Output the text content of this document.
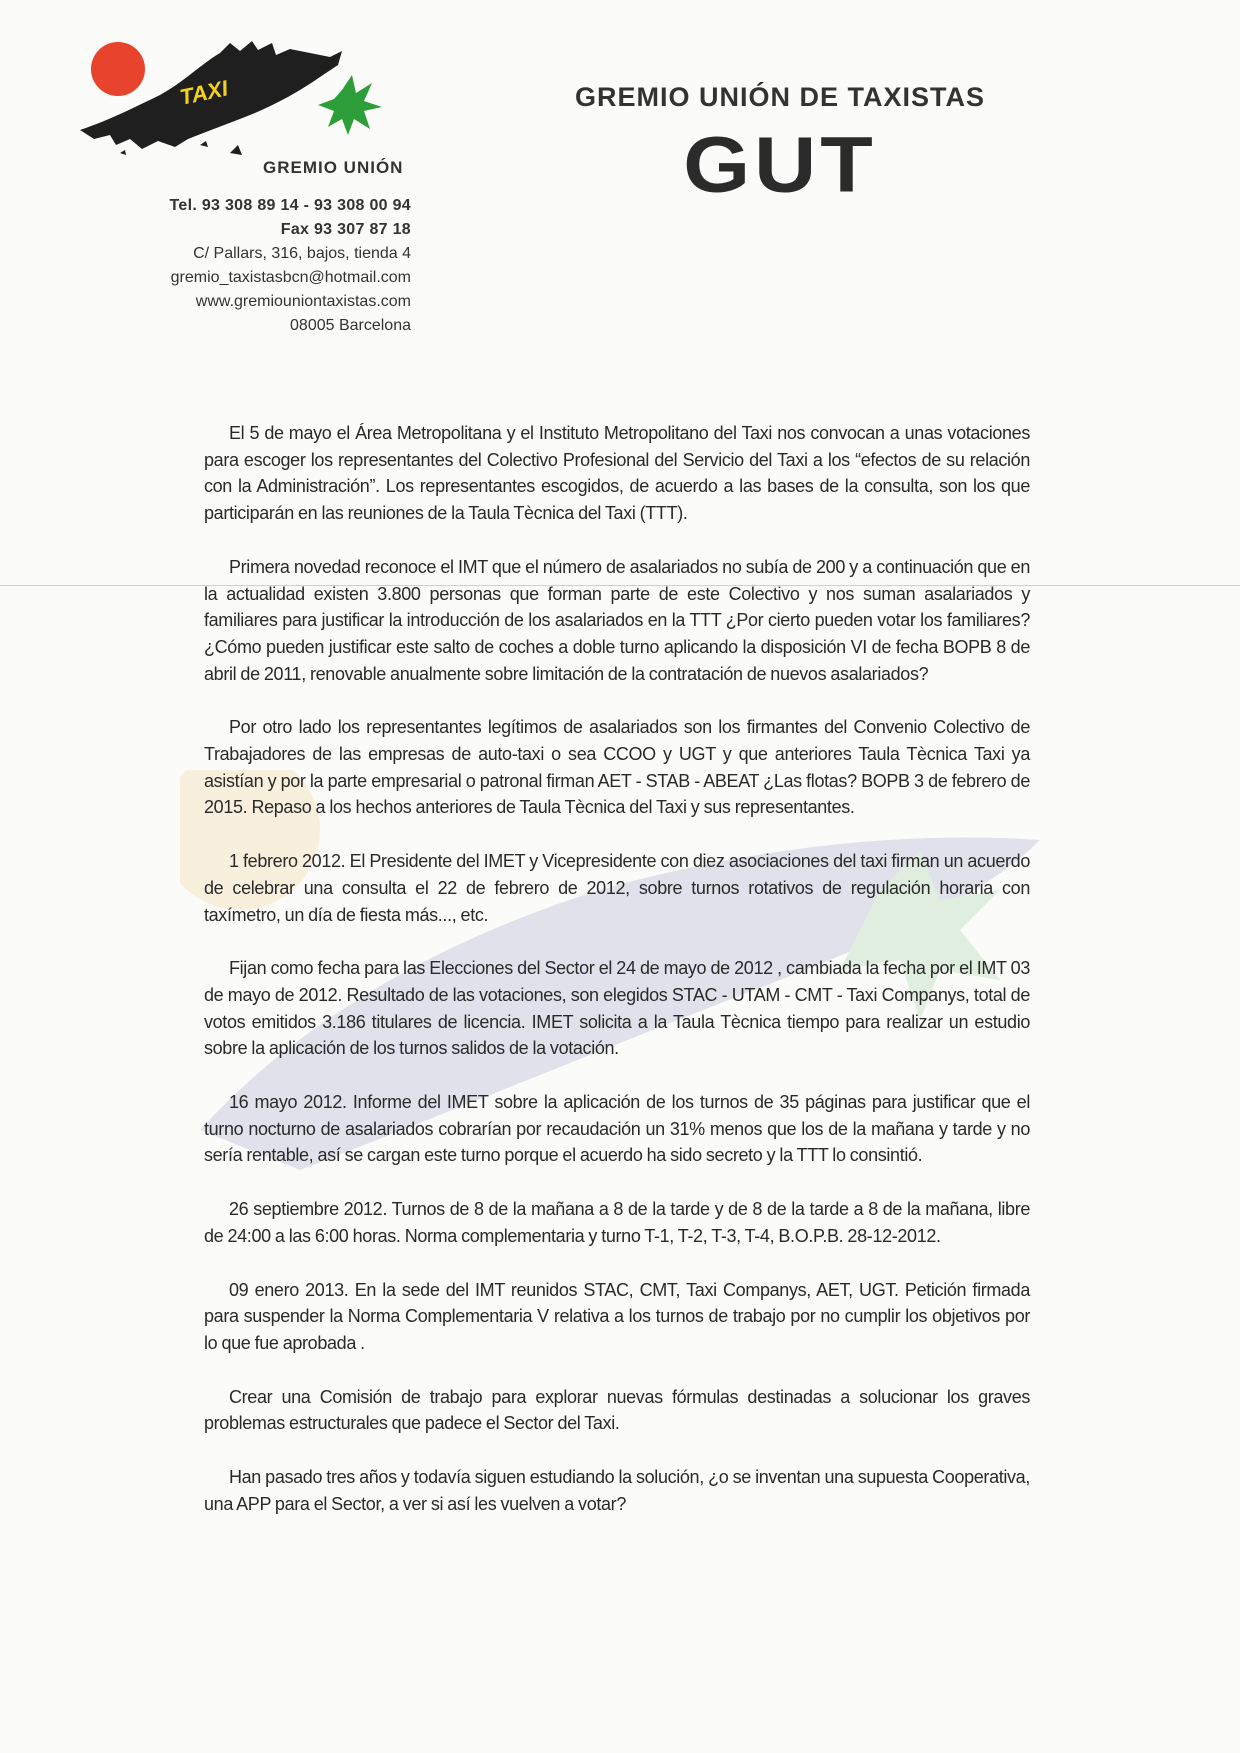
TAXI
GREMIO UNIÓN
Tel. 93 308 89 14 - 93 308 00 94
Fax 93 307 87 18
C/ Pallars, 316, bajos, tienda 4
gremio_taxistasbcn@hotmail.com
www.gremiouniontaxistas.com
08005 Barcelona
GREMIO UNIÓN DE TAXISTAS
GUT

El 5 de mayo el Área Metropolitana y el Instituto Metropolitano del Taxi nos convocan a unas votaciones para escoger los representantes del Colectivo Profesional del Servicio del Taxi a los “efectos de su relación con la Administración”. Los representantes escogidos, de acuerdo a las bases de la consulta, son los que participarán en las reuniones de la Taula Tècnica del Taxi (TTT).

Primera novedad reconoce el IMT que el número de asalariados no subía de 200 y a continuación que en la actualidad existen 3.800 personas que forman parte de este Colectivo y nos suman asalariados y familiares para justificar la introducción de los asalariados en la TTT ¿Por cierto pueden votar los familiares? ¿Cómo pueden justificar este salto de coches a doble turno aplicando la disposición VI de fecha BOPB 8 de abril de 2011, renovable anualmente sobre limitación de la contratación de nuevos asalariados?

Por otro lado los representantes legítimos de asalariados son los firmantes del Convenio Colectivo de Trabajadores de las empresas de auto-taxi o sea CCOO y UGT y que anteriores Taula Tècnica Taxi ya asistían y por la parte empresarial o patronal firman AET - STAB - ABEAT ¿Las flotas? BOPB 3 de febrero de 2015. Repaso a los hechos anteriores de Taula Tècnica del Taxi y sus representantes.

1 febrero 2012. El Presidente del IMET y Vicepresidente con diez asociaciones del taxi firman un acuerdo de celebrar una consulta el 22 de febrero de 2012, sobre turnos rotativos de regulación horaria con taxímetro, un día de fiesta más..., etc.

Fijan como fecha para las Elecciones del Sector el 24 de mayo de 2012 , cambiada la fecha por el IMT 03 de mayo de 2012. Resultado de las votaciones, son elegidos STAC - UTAM - CMT - Taxi Companys, total de votos emitidos 3.186 titulares de licencia. IMET solicita a la Taula Tècnica tiempo para realizar un estudio sobre la aplicación de los turnos salidos de la votación.

16 mayo 2012. Informe del IMET sobre la aplicación de los turnos de 35 páginas para justificar que el turno nocturno de asalariados cobrarían por recaudación un 31% menos que los de la mañana y tarde y no sería rentable, así se cargan este turno porque el acuerdo ha sido secreto y la TTT lo consintió.

26 septiembre 2012. Turnos de 8 de la mañana a 8 de la tarde y de 8 de la tarde a 8 de la mañana, libre de 24:00 a las 6:00 horas. Norma complementaria y turno T-1, T-2, T-3, T-4, B.O.P.B. 28-12-2012.

09 enero 2013. En la sede del IMT reunidos STAC, CMT, Taxi Companys, AET, UGT. Petición firmada para suspender la Norma Complementaria V relativa a los turnos de trabajo por no cumplir los objetivos por lo que fue aprobada .

Crear una Comisión de trabajo para explorar nuevas fórmulas destinadas a solucionar los graves problemas estructurales que padece el Sector del Taxi.

Han pasado tres años y todavía siguen estudiando la solución, ¿o se inventan una supuesta Cooperativa, una APP para el Sector, a ver si así les vuelven a votar?
